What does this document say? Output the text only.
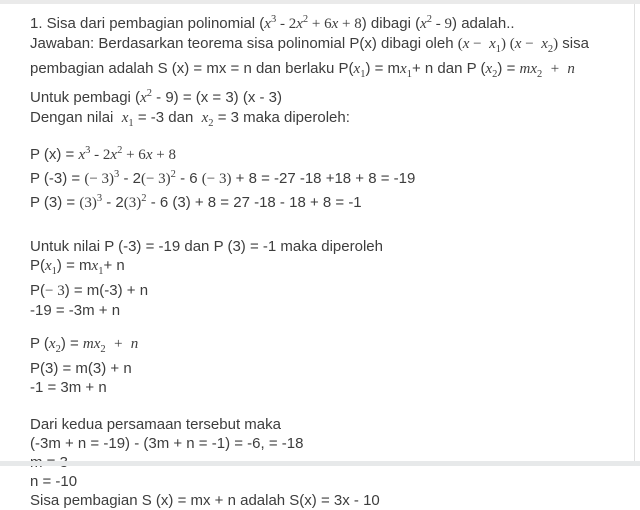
1. Sisa dari pembagian polinomial $(x^3 - 2x^2 + 6x + 8)$ dibagi $(x^2 - 9)$ adalah..
Jawaban: Berdasarkan teorema sisa polinomial P(x) dibagi oleh $(x - x_1)$ $(x - x_2)$ sisa
pembagian adalah S (x) = mx = n dan berlaku $P(x_1) = mx_1+ n$ dan P $(x_2) = mx_2 + n$
Untuk pembagi $(x^2 - 9) = (x = 3)$ (x - 3)
Dengan nilai  $x_1 = -3$ dan  $x_2 = 3$ maka diperoleh:
P $(x) = x^3 - 2x^2 + 6x + 8$
P (-3) = (− $3)^3 - 2(- 3)^2 - 6$ (− 3) + 8 = -27 -18 +18 + 8 = -19
P $(3) = (3)^3 - 2(3)^2 - 6$ (3) + 8 = 27 -18 - 18 + 8 = -1
Untuk nilai P (-3) = -19 dan P (3) = -1 maka diperoleh
$P(x_1) = mx_1+ n$
P(− 3) = m(-3) + n
-19 = -3m + n
P $(x_2) = mx_2 + n$
P(3) = m(3) + n
-1 = 3m + n
Dari kedua persamaan tersebut maka
(-3m + n = -19) - (3m + n = -1) = -6, = -18
n = -10
Sisa pembagian S (x) = mx + n adalah S(x) = 3x - 10
